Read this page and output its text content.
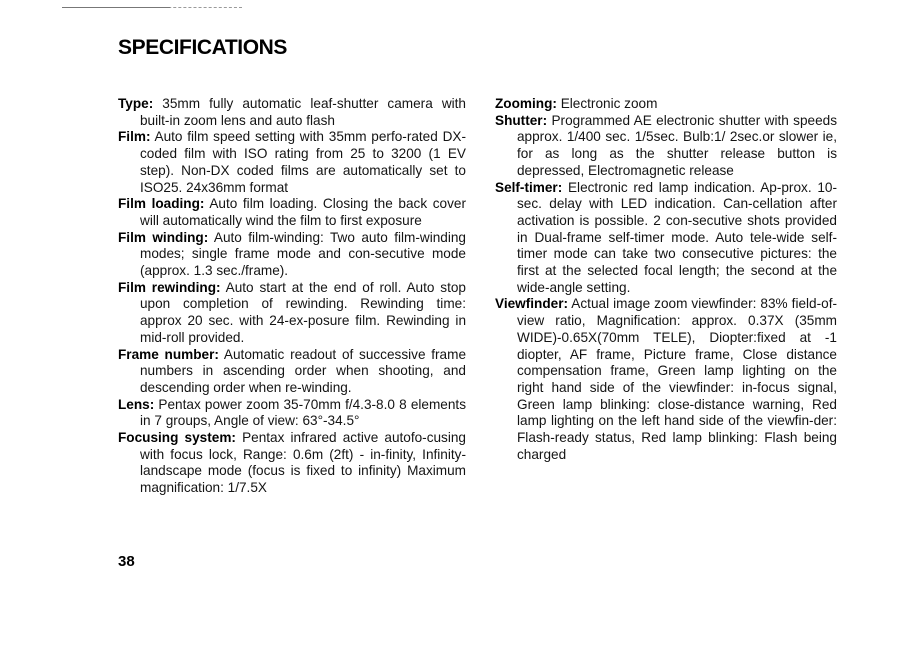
SPECIFICATIONS

Type: 35mm fully automatic leaf-shutter camera with built-in zoom lens and auto flash

Film: Auto film speed setting with 35mm perfo-rated DX-coded film with ISO rating from 25 to 3200 (1 EV step). Non-DX coded films are automatically set to ISO25. 24x36mm format

Film loading: Auto film loading. Closing the back cover will automatically wind the film to first exposure

Film winding: Auto film-winding: Two auto film-winding modes; single frame mode and con-secutive mode (approx. 1.3 sec./frame).

Film rewinding: Auto start at the end of roll. Auto stop upon completion of rewinding. Rewinding time: approx 20 sec. with 24-ex-posure film. Rewinding in mid-roll provided.

Frame number: Automatic readout of successive frame numbers in ascending order when shooting, and descending order when re-winding.

Lens: Pentax power zoom 35-70mm f/4.3-8.0 8 elements in 7 groups, Angle of view: 63°-34.5°

Focusing system: Pentax infrared active autofo-cusing with focus lock, Range: 0.6m (2ft) - in-finity, Infinity-landscape mode (focus is fixed to infinity) Maximum magnification: 1/7.5X

Zooming: Electronic zoom

Shutter: Programmed AE electronic shutter with speeds approx. 1/400 sec. 1/5sec. Bulb:1/ 2sec.or slower ie, for as long as the shutter release button is depressed, Electromagnetic release

Self-timer: Electronic red lamp indication. Ap-prox. 10-sec. delay with LED indication. Can-cellation after activation is possible. 2 con-secutive shots provided in Dual-frame self-timer mode. Auto tele-wide self-timer mode can take two consecutive pictures: the first at the selected focal length; the second at the wide-angle setting.

Viewfinder: Actual image zoom viewfinder: 83% field-of-view ratio, Magnification: approx. 0.37X (35mm WIDE)-0.65X(70mm TELE), Diopter:fixed at -1 diopter, AF frame, Picture frame, Close distance compensation frame, Green lamp lighting on the right hand side of the viewfinder: in-focus signal, Green lamp blinking: close-distance warning, Red lamp lighting on the left hand side of the viewfin-der: Flash-ready status, Red lamp blinking: Flash being charged

38
